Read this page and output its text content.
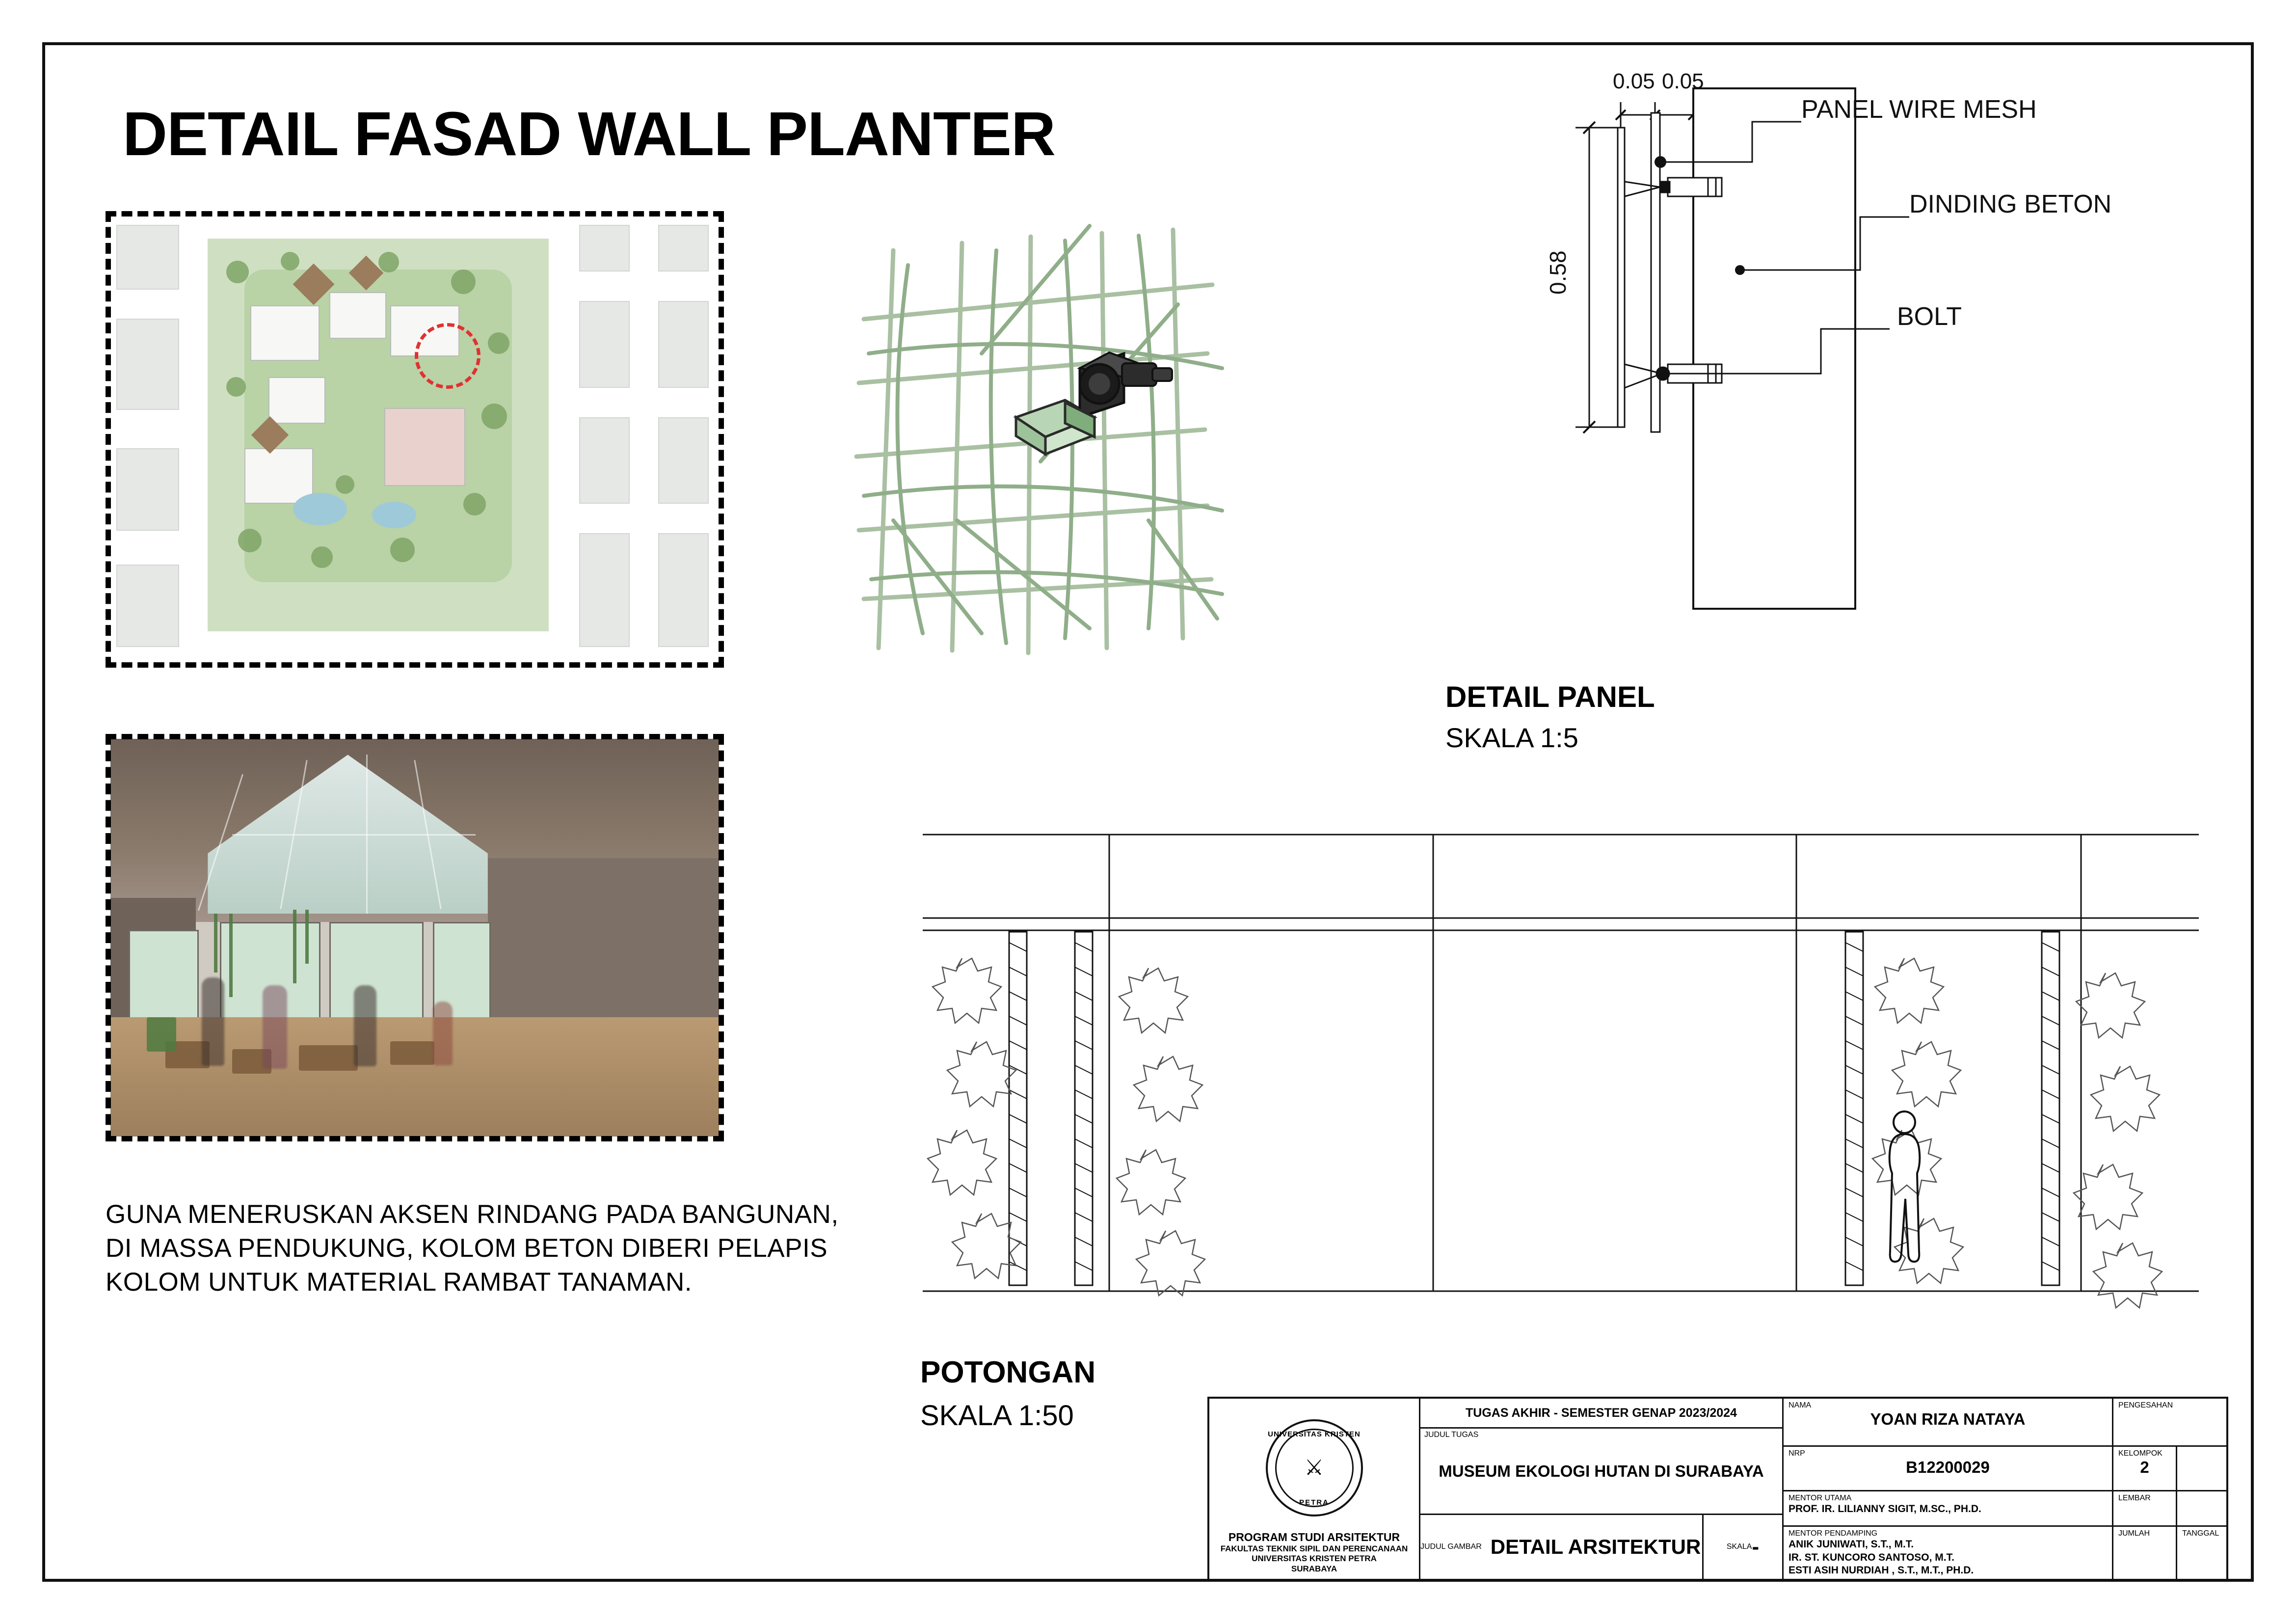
DETAIL FASAD WALL PLANTER
GUNA MENERUSKAN AKSEN RINDANG PADA BANGUNAN, DI MASSA PENDUKUNG, KOLOM BETON DIBERI PELAPIS KOLOM UNTUK MATERIAL RAMBAT TANAMAN.
PANEL WIRE MESH
DINDING BETON
BOLT
0.05 0.05
0.58
DETAIL PANEL
SKALA 1:5
POTONGAN
SKALA 1:50
UNIVERSITAS KRISTEN
⚔
PETRA
PROGRAM STUDI ARSITEKTUR
FAKULTAS TEKNIK SIPIL DAN PERENCANAAN
UNIVERSITAS KRISTEN PETRA
SURABAYA
TUGAS AKHIR - SEMESTER GENAP 2023/2024
JUDUL TUGAS
MUSEUM EKOLOGI HUTAN DI SURABAYA
JUDUL GAMBAR DETAIL ARSITEKTUR	SKALA -
NAMA
YOAN RIZA NATAYA
PENGESAHAN
NRP
B12200029
KELOMPOK
2
MENTOR UTAMA
PROF. IR. LILIANNY SIGIT, M.SC., PH.D.
LEMBAR
MENTOR PENDAMPING
ANIK JUNIWATI, S.T., M.T.
IR. ST. KUNCORO SANTOSO, M.T.
ESTI ASIH NURDIAH , S.T., M.T., PH.D.
JUMLAH	TANGGAL
